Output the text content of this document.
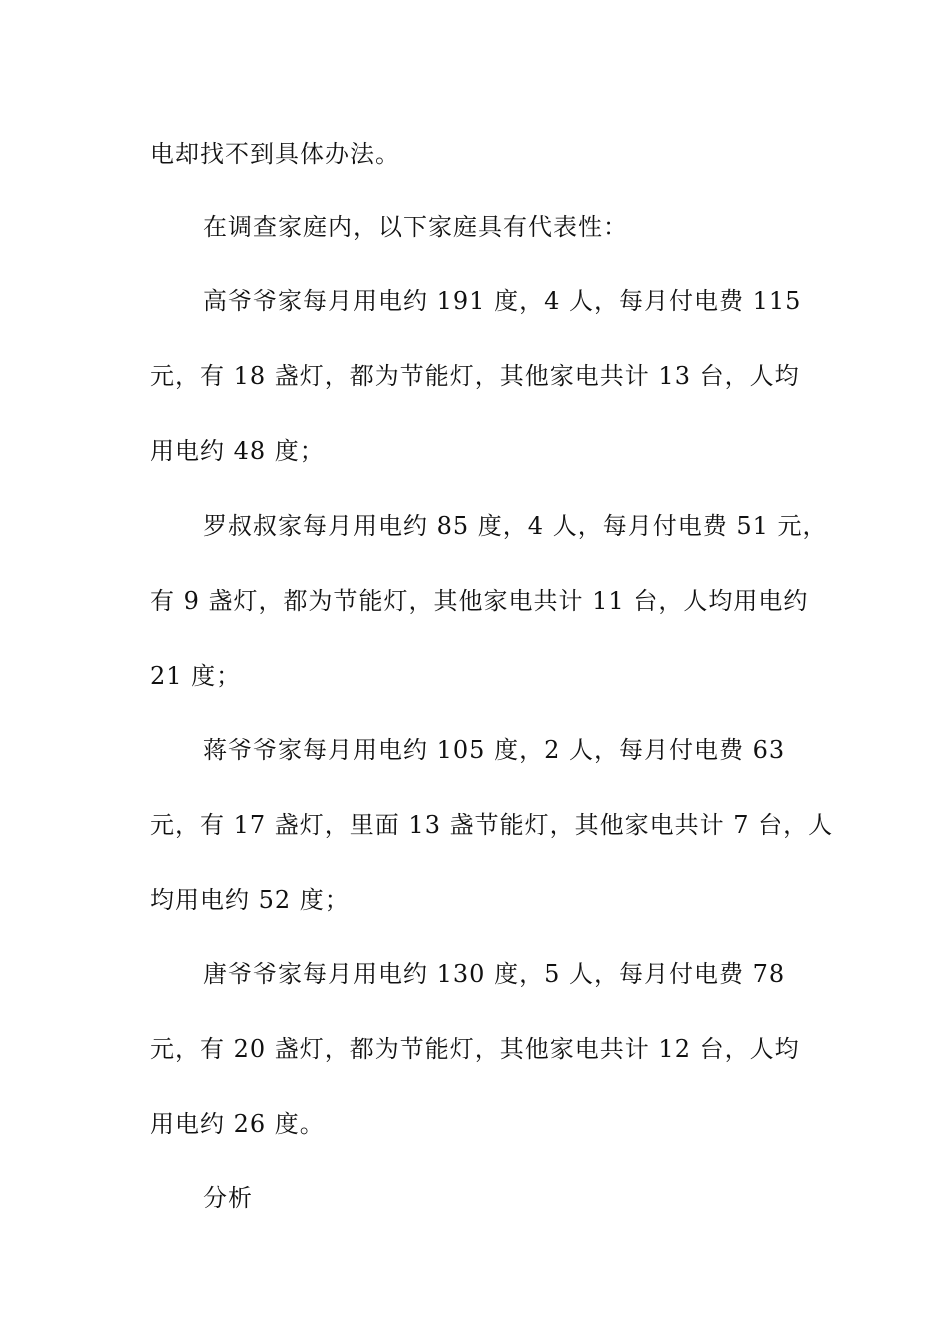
电却找不到具体办法。
在调查家庭内，以下家庭具有代表性：
高爷爷家每月用电约 191 度，4 人，每月付电费 115
元，有 18 盏灯，都为节能灯，其他家电共计 13 台，人均
用电约 48 度；
罗叔叔家每月用电约 85 度，4 人，每月付电费 51 元，
有 9 盏灯，都为节能灯，其他家电共计 11 台，人均用电约
21 度；
蒋爷爷家每月用电约 105 度，2 人，每月付电费 63
元，有 17 盏灯，里面 13 盏节能灯，其他家电共计 7 台，人
均用电约 52 度；
唐爷爷家每月用电约 130 度，5 人，每月付电费 78
元，有 20 盏灯，都为节能灯，其他家电共计 12 台，人均
用电约 26 度。
分析
